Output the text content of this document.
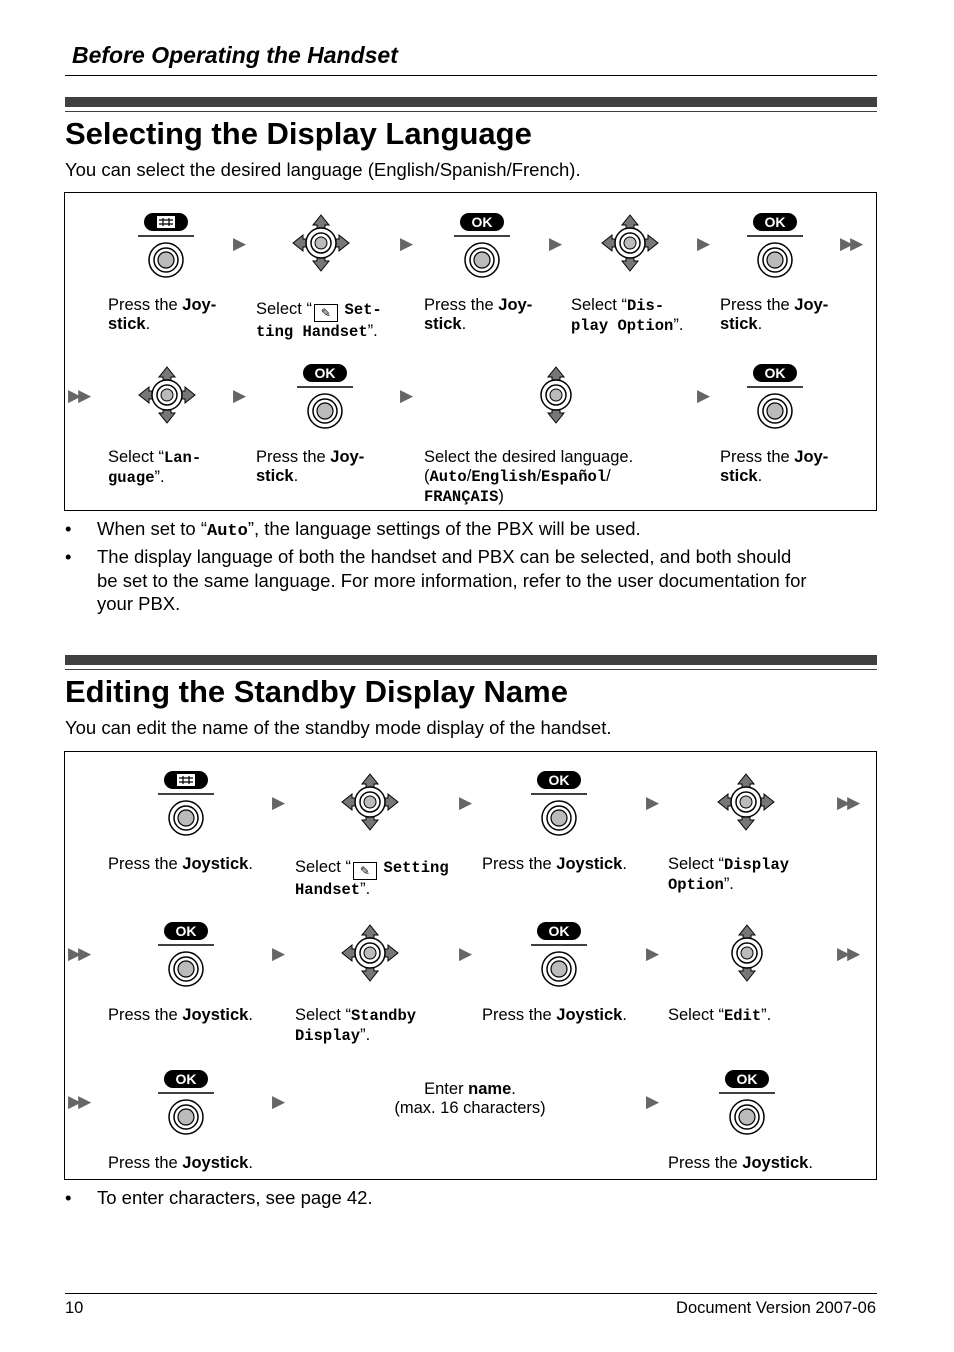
Before Operating the Handset
Selecting the Display Language
You can select the desired language (English/Spanish/French).
▶	▶
OK
▶	▶
OK
▶▶
Press the Joy-
stick.
Select “ ✎ Set-
ting Handset”.
Press the Joy-
stick.
Select “Dis-
play Option”.
Press the Joy-
stick.
▶▶	▶
OK
▶	▶
OK
Select “Lan-
guage”.
Press the Joy-
stick.
Select the desired language.
(Auto/English/Español/
FRANÇAIS)
Press the Joy-
stick.
• When set to “Auto”, the language settings of the PBX will be used.
• The display language of both the handset and PBX can be selected, and both should
be set to the same language. For more information, refer to the user documentation for
your PBX.
Editing the Standby Display Name
You can edit the name of the standby mode display of the handset.
▶	▶
OK
▶	▶▶
Press the Joystick.	Select “ ✎ Setting
Handset”.
Press the Joystick.	Select “Display
Option”.
▶▶
OK
▶	▶
OK
▶	▶▶
Press the Joystick.	Select “Standby
Display”.
Press the Joystick.	Select “Edit”.
▶▶
OK
▶
Enter name.
(max. 16 characters)	▶
OK
Press the Joystick.	Press the Joystick.
• To enter characters, see page 42.
10	Document Version 2007-06
